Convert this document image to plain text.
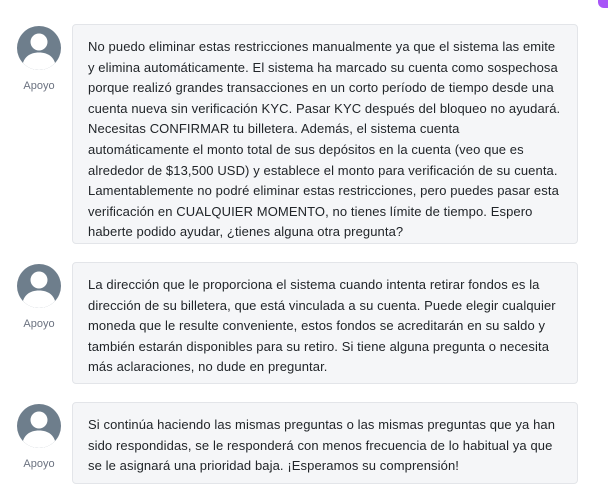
Apoyo
No puedo eliminar estas restricciones manualmente ya que el sistema las emite y elimina automáticamente. El sistema ha marcado su cuenta como sospechosa porque realizó grandes transacciones en un corto período de tiempo desde una cuenta nueva sin verificación KYC. Pasar KYC después del bloqueo no ayudará. Necesitas CONFIRMAR tu billetera. Además, el sistema cuenta automáticamente el monto total de sus depósitos en la cuenta (veo que es alrededor de $13,500 USD) y establece el monto para verificación de su cuenta. Lamentablemente no podré eliminar estas restricciones, pero puedes pasar esta verificación en CUALQUIER MOMENTO, no tienes límite de tiempo. Espero haberte podido ayudar, ¿tienes alguna otra pregunta?
Apoyo
La dirección que le proporciona el sistema cuando intenta retirar fondos es la dirección de su billetera, que está vinculada a su cuenta. Puede elegir cualquier moneda que le resulte conveniente, estos fondos se acreditarán en su saldo y también estarán disponibles para su retiro. Si tiene alguna pregunta o necesita más aclaraciones, no dude en preguntar.
Apoyo
Si continúa haciendo las mismas preguntas o las mismas preguntas que ya han sido respondidas, se le responderá con menos frecuencia de lo habitual ya que se le asignará una prioridad baja. ¡Esperamos su comprensión!
